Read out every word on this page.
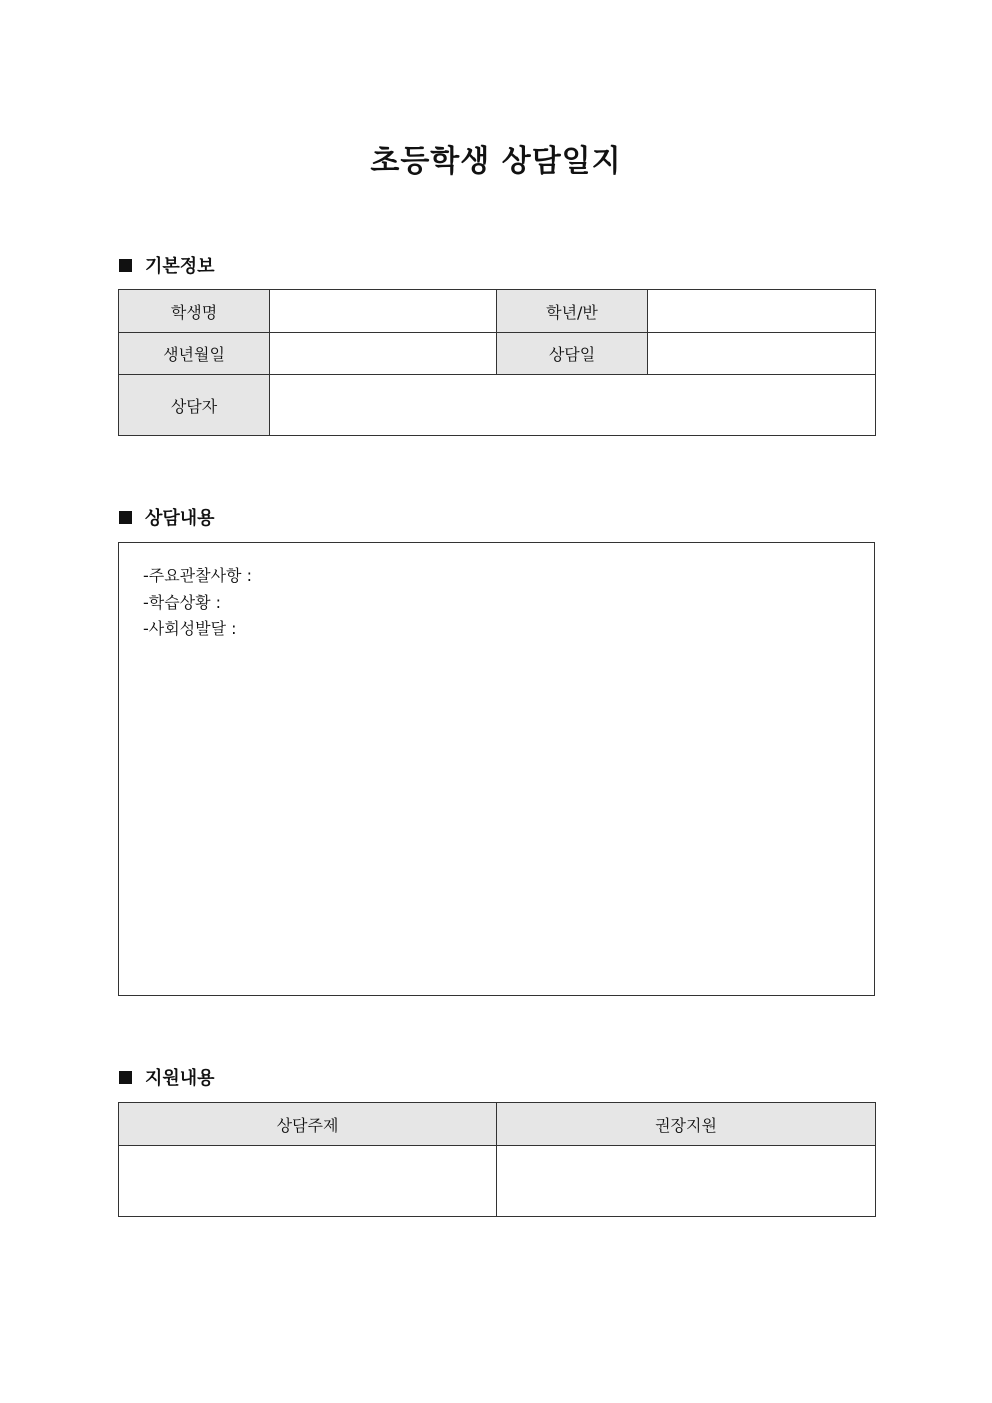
초등학생 상담일지
기본정보
학생명		학년/반	
생년월일		상담일	
상담자			
상담내용
-주요관찰사항 :
-학습상황 :
-사회성발달 :
지원내용
상담주제	권장지원
